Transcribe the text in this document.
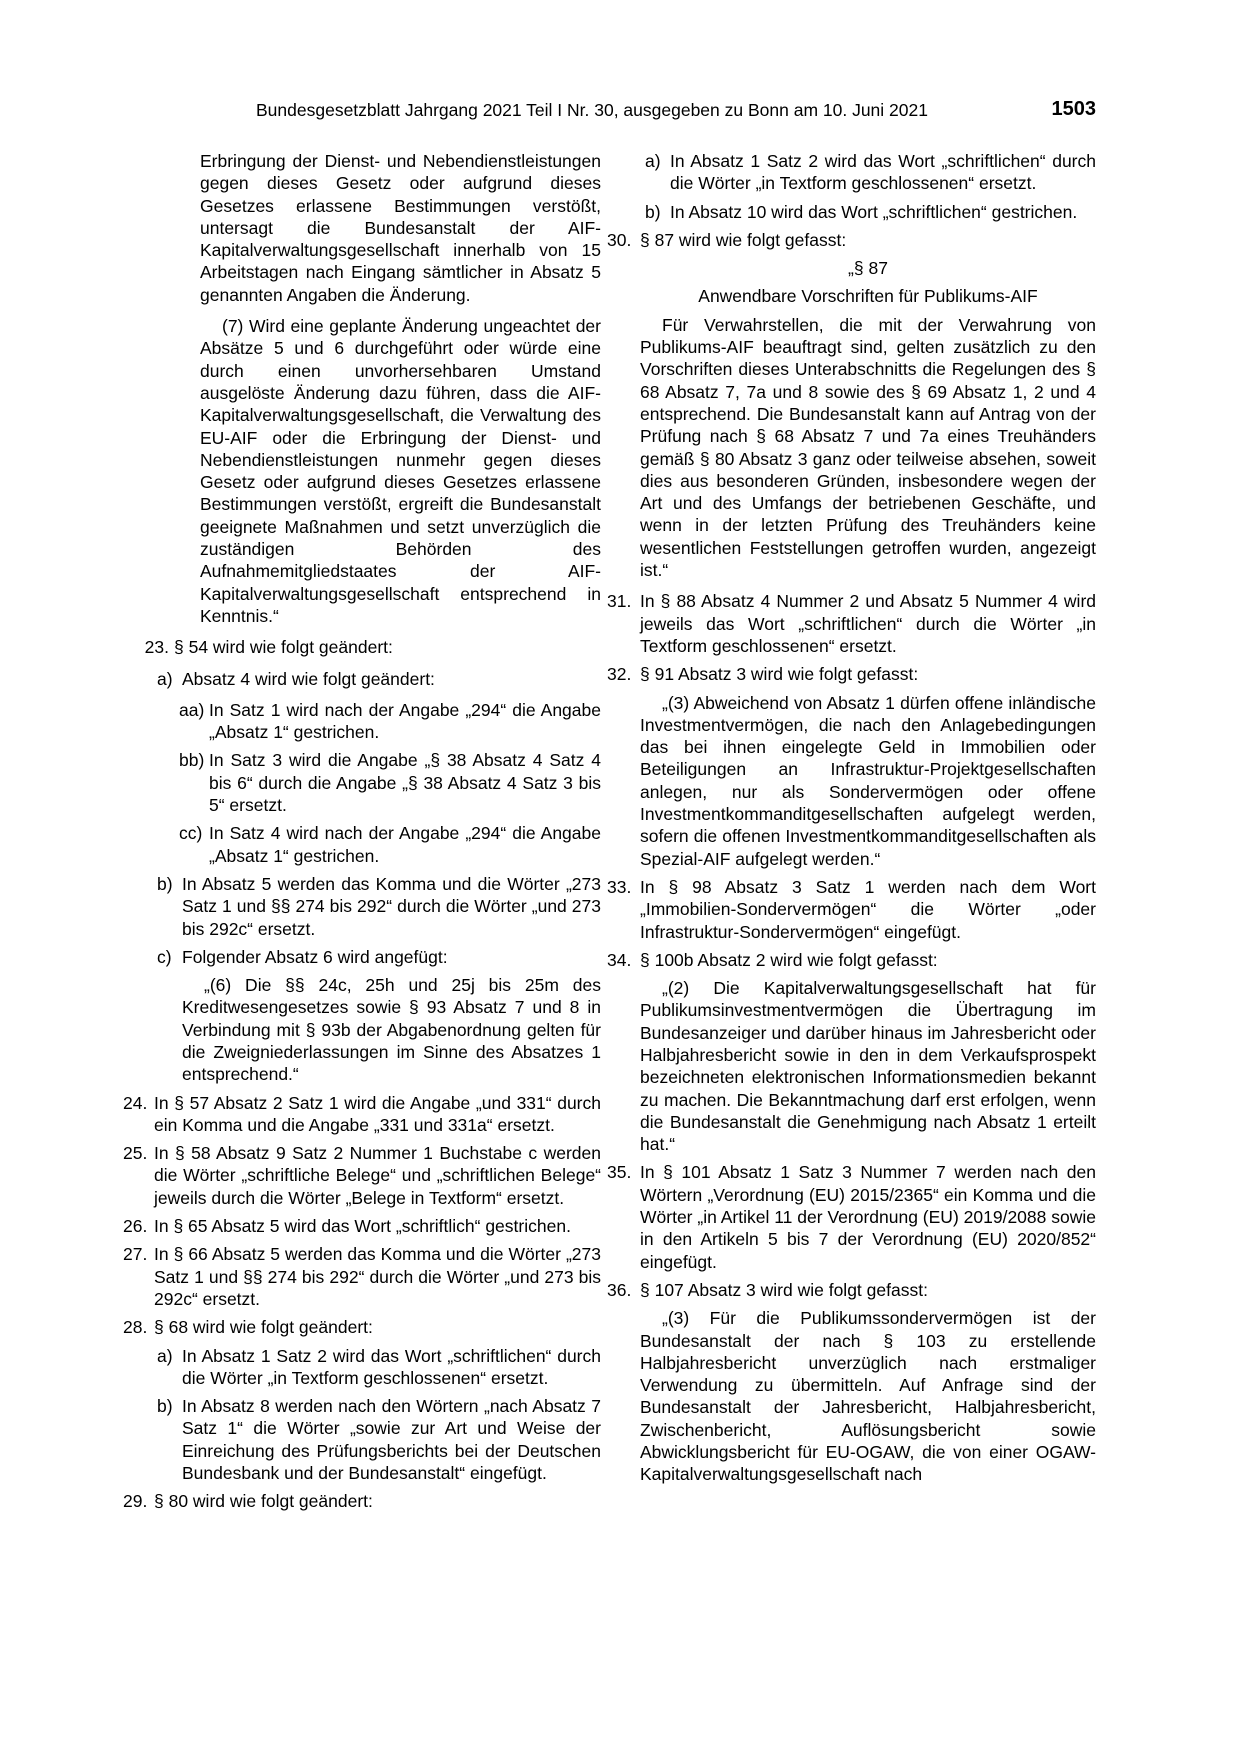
Bundesgesetzblatt Jahrgang 2021 Teil I Nr. 30, ausgegeben zu Bonn am 10. Juni 2021	1503

Erbringung der Dienst- und Nebendienstleistungen gegen dieses Gesetz oder aufgrund dieses Gesetzes erlassene Bestimmungen verstößt, untersagt die Bundesanstalt der AIF-Kapitalverwaltungsgesellschaft innerhalb von 15 Arbeitstagen nach Eingang sämtlicher in Absatz 5 genannten Angaben die Änderung.

(7) Wird eine geplante Änderung ungeachtet der Absätze 5 und 6 durchgeführt oder würde eine durch einen unvorhersehbaren Umstand ausgelöste Änderung dazu führen, dass die AIF-Kapitalverwaltungsgesellschaft, die Verwaltung des EU-AIF oder die Erbringung der Dienst- und Nebendienstleistungen nunmehr gegen dieses Gesetz oder aufgrund dieses Gesetzes erlassene Bestimmungen verstößt, ergreift die Bundesanstalt geeignete Maßnahmen und setzt unverzüglich die zuständigen Behörden des Aufnahmemitgliedstaates der AIF-Kapitalverwaltungsgesellschaft entsprechend in Kenntnis.“

23. § 54 wird wie folgt geändert:

a) Absatz 4 wird wie folgt geändert:

aa) In Satz 1 wird nach der Angabe „294“ die Angabe „Absatz 1“ gestrichen.

bb) In Satz 3 wird die Angabe „§ 38 Absatz 4 Satz 4 bis 6“ durch die Angabe „§ 38 Absatz 4 Satz 3 bis 5“ ersetzt.

cc) In Satz 4 wird nach der Angabe „294“ die Angabe „Absatz 1“ gestrichen.

b) In Absatz 5 werden das Komma und die Wörter „273 Satz 1 und §§ 274 bis 292“ durch die Wörter „und 273 bis 292c“ ersetzt.

c) Folgender Absatz 6 wird angefügt:

„(6) Die §§ 24c, 25h und 25j bis 25m des Kreditwesengesetzes sowie § 93 Absatz 7 und 8 in Verbindung mit § 93b der Abgabenordnung gelten für die Zweigniederlassungen im Sinne des Absatzes 1 entsprechend.“

24. In § 57 Absatz 2 Satz 1 wird die Angabe „und 331“ durch ein Komma und die Angabe „331 und 331a“ ersetzt.

25. In § 58 Absatz 9 Satz 2 Nummer 1 Buchstabe c werden die Wörter „schriftliche Belege“ und „schriftlichen Belege“ jeweils durch die Wörter „Belege in Textform“ ersetzt.

26. In § 65 Absatz 5 wird das Wort „schriftlich“ gestrichen.

27. In § 66 Absatz 5 werden das Komma und die Wörter „273 Satz 1 und §§ 274 bis 292“ durch die Wörter „und 273 bis 292c“ ersetzt.

28. § 68 wird wie folgt geändert:

a) In Absatz 1 Satz 2 wird das Wort „schriftlichen“ durch die Wörter „in Textform geschlossenen“ ersetzt.

b) In Absatz 8 werden nach den Wörtern „nach Absatz 7 Satz 1“ die Wörter „sowie zur Art und Weise der Einreichung des Prüfungsberichts bei der Deutschen Bundesbank und der Bundesanstalt“ eingefügt.

29. § 80 wird wie folgt geändert:

a) In Absatz 1 Satz 2 wird das Wort „schriftlichen“ durch die Wörter „in Textform geschlossenen“ ersetzt.

b) In Absatz 10 wird das Wort „schriftlichen“ gestrichen.

30. § 87 wird wie folgt gefasst:

„§ 87

Anwendbare Vorschriften für Publikums-AIF

Für Verwahrstellen, die mit der Verwahrung von Publikums-AIF beauftragt sind, gelten zusätzlich zu den Vorschriften dieses Unterabschnitts die Regelungen des § 68 Absatz 7, 7a und 8 sowie des § 69 Absatz 1, 2 und 4 entsprechend. Die Bundesanstalt kann auf Antrag von der Prüfung nach § 68 Absatz 7 und 7a eines Treuhänders gemäß § 80 Absatz 3 ganz oder teilweise absehen, soweit dies aus besonderen Gründen, insbesondere wegen der Art und des Umfangs der betriebenen Geschäfte, und wenn in der letzten Prüfung des Treuhänders keine wesentlichen Feststellungen getroffen wurden, angezeigt ist.“

31. In § 88 Absatz 4 Nummer 2 und Absatz 5 Nummer 4 wird jeweils das Wort „schriftlichen“ durch die Wörter „in Textform geschlossenen“ ersetzt.

32. § 91 Absatz 3 wird wie folgt gefasst:

„(3) Abweichend von Absatz 1 dürfen offene inländische Investmentvermögen, die nach den Anlagebedingungen das bei ihnen eingelegte Geld in Immobilien oder Beteiligungen an Infrastruktur-Projektgesellschaften anlegen, nur als Sondervermögen oder offene Investmentkommanditgesellschaften aufgelegt werden, sofern die offenen Investmentkommanditgesellschaften als Spezial-AIF aufgelegt werden.“

33. In § 98 Absatz 3 Satz 1 werden nach dem Wort „Immobilien-Sondervermögen“ die Wörter „oder Infrastruktur-Sondervermögen“ eingefügt.

34. § 100b Absatz 2 wird wie folgt gefasst:

„(2) Die Kapitalverwaltungsgesellschaft hat für Publikumsinvestmentvermögen die Übertragung im Bundesanzeiger und darüber hinaus im Jahresbericht oder Halbjahresbericht sowie in den in dem Verkaufsprospekt bezeichneten elektronischen Informationsmedien bekannt zu machen. Die Bekanntmachung darf erst erfolgen, wenn die Bundesanstalt die Genehmigung nach Absatz 1 erteilt hat.“

35. In § 101 Absatz 1 Satz 3 Nummer 7 werden nach den Wörtern „Verordnung (EU) 2015/2365“ ein Komma und die Wörter „in Artikel 11 der Verordnung (EU) 2019/2088 sowie in den Artikeln 5 bis 7 der Verordnung (EU) 2020/852“ eingefügt.

36. § 107 Absatz 3 wird wie folgt gefasst:

„(3) Für die Publikumssondervermögen ist der Bundesanstalt der nach § 103 zu erstellende Halbjahresbericht unverzüglich nach erstmaliger Verwendung zu übermitteln. Auf Anfrage sind der Bundesanstalt der Jahresbericht, Halbjahresbericht, Zwischenbericht, Auflösungsbericht sowie Abwicklungsbericht für EU-OGAW, die von einer OGAW-Kapitalverwaltungsgesellschaft nach
